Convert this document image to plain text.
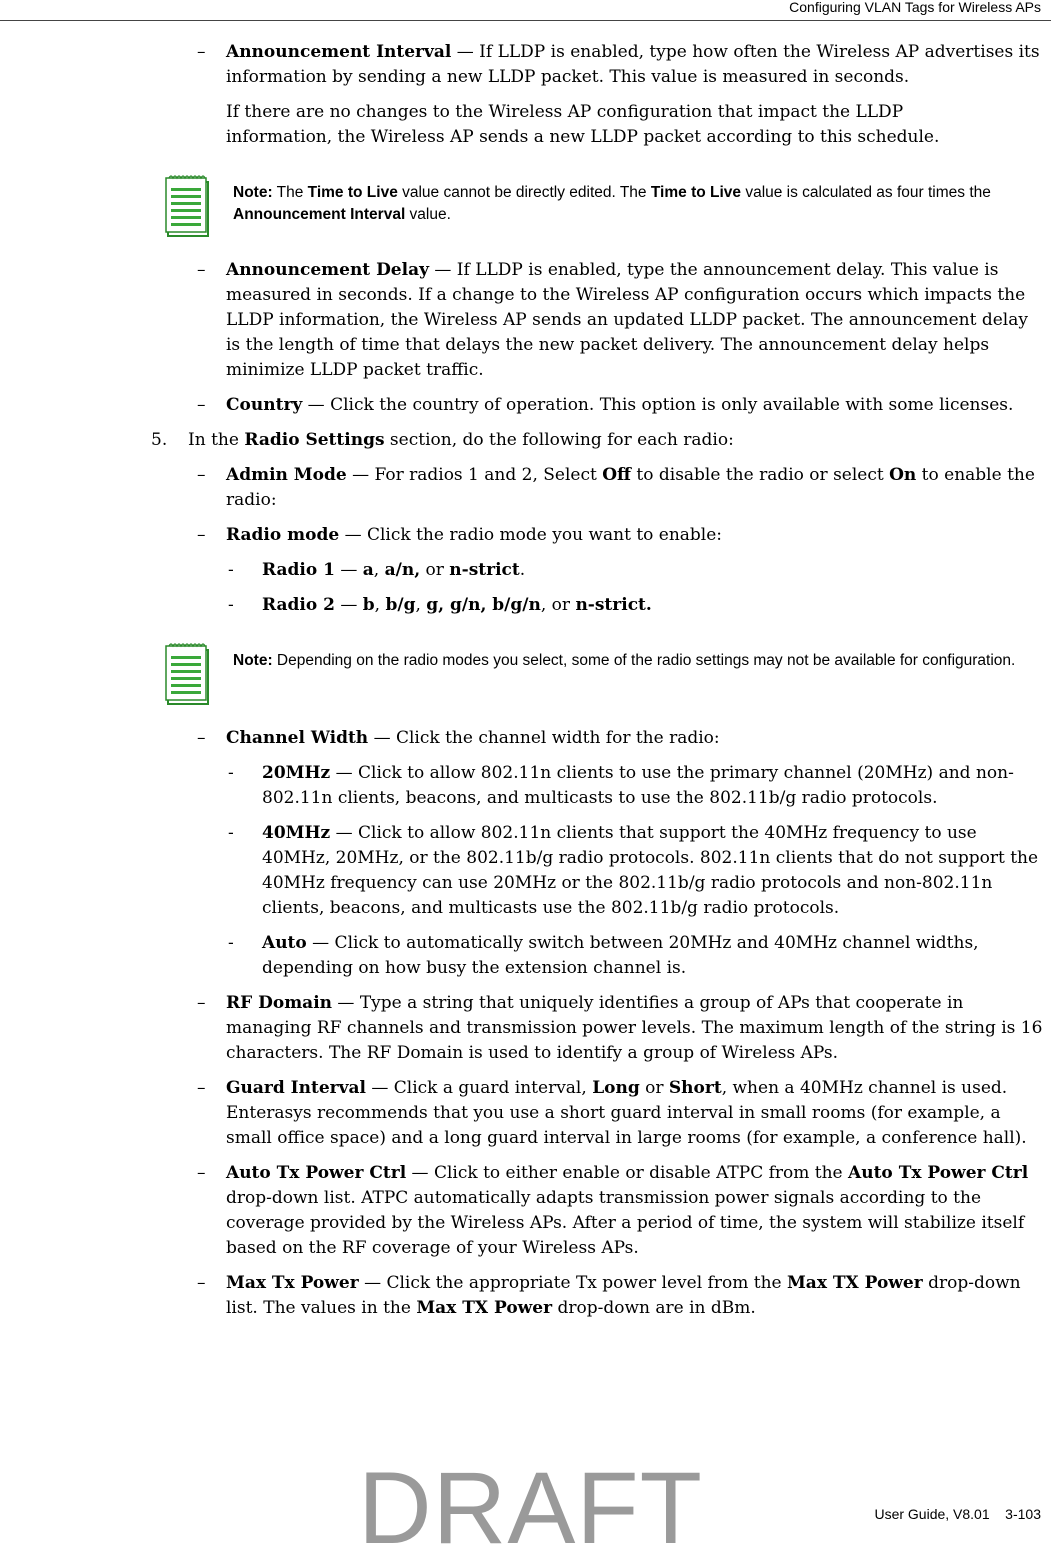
Configuring VLAN Tags for Wireless APs
– Announcement Interval — If LLDP is enabled, type how often the Wireless AP advertises its information by sending a new LLDP packet. This value is measured in seconds.
If there are no changes to the Wireless AP configuration that impact the LLDP information, the Wireless AP sends a new LLDP packet according to this schedule.
Note: The Time to Live value cannot be directly edited. The Time to Live value is calculated as four times the Announcement Interval value.
– Announcement Delay — If LLDP is enabled, type the announcement delay. This value is measured in seconds. If a change to the Wireless AP configuration occurs which impacts the LLDP information, the Wireless AP sends an updated LLDP packet. The announcement delay is the length of time that delays the new packet delivery. The announcement delay helps minimize LLDP packet traffic.
– Country — Click the country of operation. This option is only available with some licenses.
5. In the Radio Settings section, do the following for each radio:
– Admin Mode — For radios 1 and 2, Select Off to disable the radio or select On to enable the radio:
– Radio mode — Click the radio mode you want to enable:
- Radio 1 — a, a/n, or n-strict.
- Radio 2 — b, b/g, g, g/n, b/g/n, or n-strict.
Note: Depending on the radio modes you select, some of the radio settings may not be available for configuration.
– Channel Width — Click the channel width for the radio:
- 20MHz — Click to allow 802.11n clients to use the primary channel (20MHz) and non-802.11n clients, beacons, and multicasts to use the 802.11b/g radio protocols.
- 40MHz — Click to allow 802.11n clients that support the 40MHz frequency to use 40MHz, 20MHz, or the 802.11b/g radio protocols. 802.11n clients that do not support the 40MHz frequency can use 20MHz or the 802.11b/g radio protocols and non-802.11n clients, beacons, and multicasts use the 802.11b/g radio protocols.
- Auto — Click to automatically switch between 20MHz and 40MHz channel widths, depending on how busy the extension channel is.
– RF Domain — Type a string that uniquely identifies a group of APs that cooperate in managing RF channels and transmission power levels. The maximum length of the string is 16 characters. The RF Domain is used to identify a group of Wireless APs.
– Guard Interval — Click a guard interval, Long or Short, when a 40MHz channel is used. Enterasys recommends that you use a short guard interval in small rooms (for example, a small office space) and a long guard interval in large rooms (for example, a conference hall).
– Auto Tx Power Ctrl — Click to either enable or disable ATPC from the Auto Tx Power Ctrl drop-down list. ATPC automatically adapts transmission power signals according to the coverage provided by the Wireless APs. After a period of time, the system will stabilize itself based on the RF coverage of your Wireless APs.
– Max Tx Power — Click the appropriate Tx power level from the Max TX Power drop-down list. The values in the Max TX Power drop-down are in dBm.
User Guide, V8.01    3-103
DRAFT
